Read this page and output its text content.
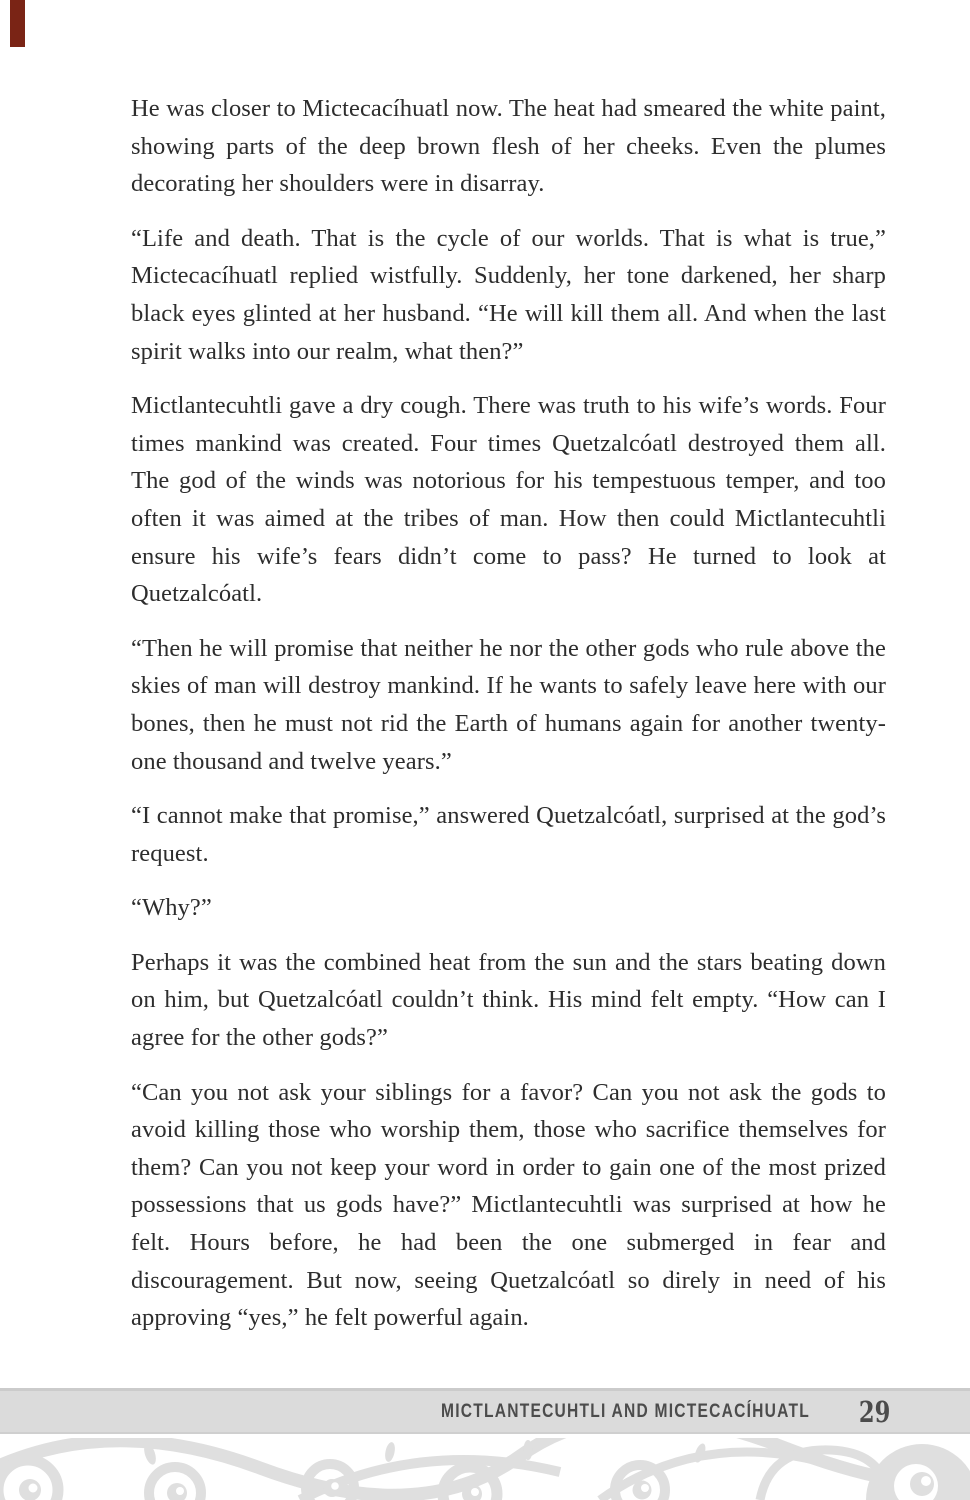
He was closer to Mictecacíhuatl now. The heat had smeared the white paint, showing parts of the deep brown flesh of her cheeks. Even the plumes decorating her shoulders were in disarray.

“Life and death. That is the cycle of our worlds. That is what is true,” Mictecacíhuatl replied wistfully. Suddenly, her tone darkened, her sharp black eyes glinted at her husband. “He will kill them all. And when the last spirit walks into our realm, what then?”

Mictlantecuhtli gave a dry cough. There was truth to his wife’s words. Four times mankind was created. Four times Quetzalcóatl destroyed them all. The god of the winds was notorious for his tempestuous temper, and too often it was aimed at the tribes of man. How then could Mictlantecuhtli ensure his wife’s fears didn’t come to pass? He turned to look at Quetzalcóatl.

“Then he will promise that neither he nor the other gods who rule above the skies of man will destroy mankind. If he wants to safely leave here with our bones, then he must not rid the Earth of humans again for another twenty-one thousand and twelve years.”

“I cannot make that promise,” answered Quetzalcóatl, surprised at the god’s request.

“Why?”

Perhaps it was the combined heat from the sun and the stars beating down on him, but Quetzalcóatl couldn’t think. His mind felt empty. “How can I agree for the other gods?”

“Can you not ask your siblings for a favor? Can you not ask the gods to avoid killing those who worship them, those who sacrifice themselves for them? Can you not keep your word in order to gain one of the most prized possessions that us gods have?” Mictlantecuhtli was surprised at how he felt. Hours before, he had been the one submerged in fear and discouragement. But now, seeing Quetzalcóatl so direly in need of his approving “yes,” he felt powerful again.

MICTLANTECUHTLI AND MICTECACÍHUATL 29
